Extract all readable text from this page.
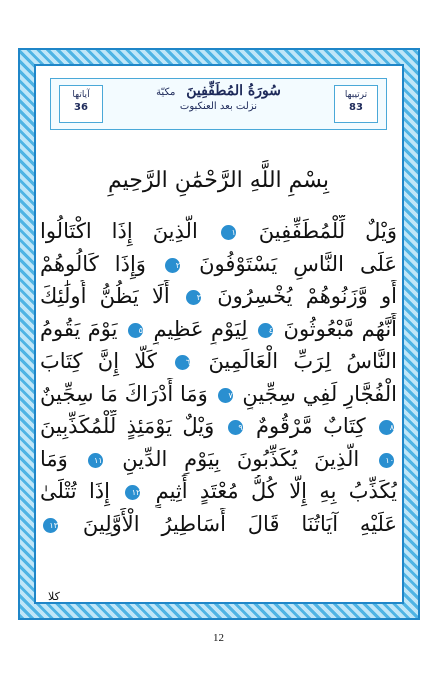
آياتها
36
سُورَةُ المُطَفِّفِينَ مكيّة
نزلت بعد العنكبوت
ترتيبها
83
بِسْمِ اللَّهِ الرَّحْمَٰنِ الرَّحِيمِ
وَيْلٌ لِّلْمُطَفِّفِينَ ١ الَّذِينَ إِذَا اكْتَالُوا
عَلَى النَّاسِ يَسْتَوْفُونَ ٢ وَإِذَا كَالُوهُمْ
أَو وَّزَنُوهُمْ يُخْسِرُونَ ٣ أَلَا يَظُنُّ أُولَٰئِكَ
أَنَّهُم مَّبْعُوثُونَ ٤ لِيَوْمٍ عَظِيمٍ ٥ يَوْمَ يَقُومُ
النَّاسُ لِرَبِّ الْعَالَمِينَ ٦ كَلَّا إِنَّ كِتَابَ
الْفُجَّارِ لَفِي سِجِّينٍ ٧ وَمَا أَدْرَاكَ مَا سِجِّينٌ
٨ كِتَابٌ مَّرْقُومٌ ٩ وَيْلٌ يَوْمَئِذٍ لِّلْمُكَذِّبِينَ
١٠ الَّذِينَ يُكَذِّبُونَ بِيَوْمِ الدِّينِ ١١ وَمَا
يُكَذِّبُ بِهِ إِلَّا كُلُّ مُعْتَدٍ أَثِيمٍ ١٢ إِذَا تُتْلَىٰ
عَلَيْهِ آيَاتُنَا قَالَ أَسَاطِيرُ الْأَوَّلِينَ ١٣
كلا
12
